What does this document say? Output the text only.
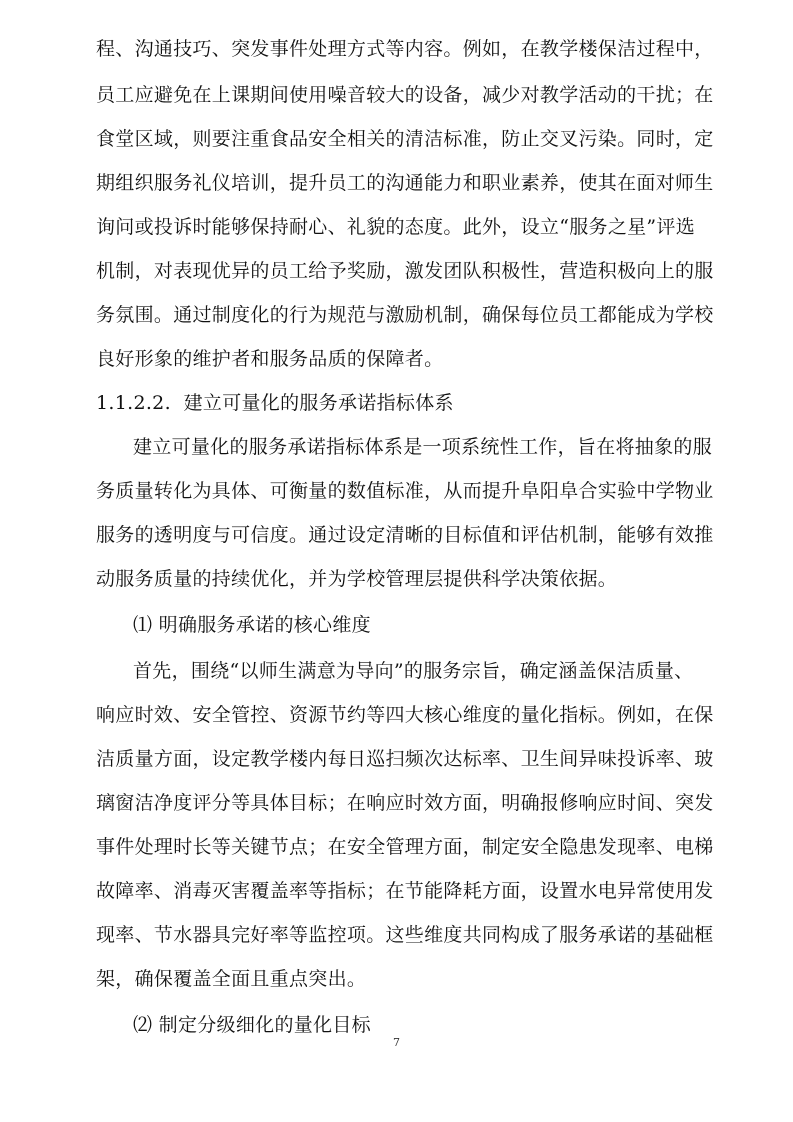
程、沟通技巧、突发事件处理方式等内容。例如，在教学楼保洁过程中，
员工应避免在上课期间使用噪音较大的设备，减少对教学活动的干扰；在
食堂区域，则要注重食品安全相关的清洁标准，防止交叉污染。同时，定
期组织服务礼仪培训，提升员工的沟通能力和职业素养，使其在面对师生
询问或投诉时能够保持耐心、礼貌的态度。此外，设立“服务之星”评选
机制，对表现优异的员工给予奖励，激发团队积极性，营造积极向上的服
务氛围。通过制度化的行为规范与激励机制，确保每位员工都能成为学校
良好形象的维护者和服务品质的保障者。
1.1.2.2. 建立可量化的服务承诺指标体系
建立可量化的服务承诺指标体系是一项系统性工作，旨在将抽象的服
务质量转化为具体、可衡量的数值标准，从而提升阜阳阜合实验中学物业
服务的透明度与可信度。通过设定清晰的目标值和评估机制，能够有效推
动服务质量的持续优化，并为学校管理层提供科学决策依据。
⑴ 明确服务承诺的核心维度
首先，围绕“以师生满意为导向”的服务宗旨，确定涵盖保洁质量、
响应时效、安全管控、资源节约等四大核心维度的量化指标。例如，在保
洁质量方面，设定教学楼内每日巡扫频次达标率、卫生间异味投诉率、玻
璃窗洁净度评分等具体目标；在响应时效方面，明确报修响应时间、突发
事件处理时长等关键节点；在安全管理方面，制定安全隐患发现率、电梯
故障率、消毒灭害覆盖率等指标；在节能降耗方面，设置水电异常使用发
现率、节水器具完好率等监控项。这些维度共同构成了服务承诺的基础框
架，确保覆盖全面且重点突出。
⑵ 制定分级细化的量化目标
7
